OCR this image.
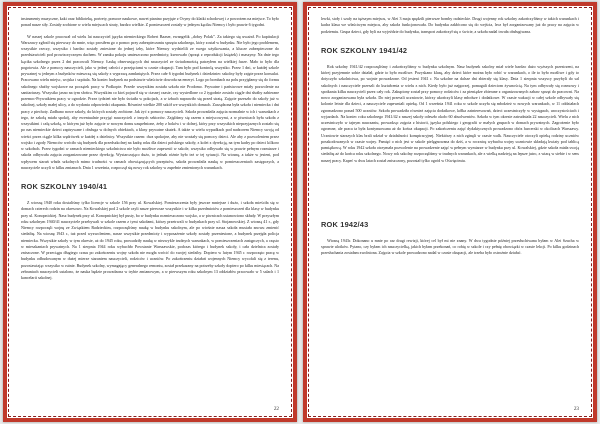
instrumenty muzyczne, kaki oraz bibliotekę, portrety, pomoce naukowe, nawet pianino przyjęte z Ocyny do klatki schodowej i z powrotem na miejsce. To było ponad nasze siły. Zostały zrobione w wielu miejscach straty, bardzo wielkie. Z pomieszczeń zostały w jednym kąciku Niemcy i było prawie 6 tygodni.

W naszej szkole pracował od wielu lat nauczyciel języka niemieckiego Robert Baaser, ewangelik „dobry Polak”. Za takiego się uważał. Po kapitulacji Warszawy zgłosił się pierwszy do mnie, więc prosiłem go o pomoc przy zabezpieczaniu sprzętu szkolnego, który został w budynku. Nie było jego problemem, wszystkie rzeczy, wszystko i bardzo zostały zniesione do jednej izby, które Niemcy wydzielili ze swego użytkowania, a klucze zabezpieczone do przedstawicieli pod prowizorycznym dachem. W zamku pokoju umieszczono przedmioty, kserowało (sprzęt z reprodukcji książek) i maszyny. Na dnie tego kącika szkolnego przez 2 dni pracowali Niemcy. Łaskę obserwujących dni nauczyciel ze świadomością patrzyłem na wielkiej furze. Mało to było dla pogotowia. Ale z pomocy nauczycieli, jako w jednej całości z przejęciami w czasie okupacji. Tam było pod kontrolą wszystko. Przez 1 dni, w każdej szkole prywatnej w jednym z budynków mieszczą się szkoły z wyprawą zamkniętych. Przez całe 6 tygodni budynek i dziedziniec szkolny były zajęte przez konsulat. Pracowano wielu miejsc, wojska i szpitala. Na koniec budynek na podstawie właściwie dowodu na emeryt. Logo po bombach na polu przyjęłamy się do formu szkolnego służby wojskowe na początek pracy w Podkopie. Przede wszystkim została szkoła nie Prodomo. Prywatne i państwowe miały pozwolenie na sanitariuszy. Wszystko jasno na tym słońcu. Wszystkim co ktoś pojawił się w ciasnej czasie, czy wysiedlone co 2 tygodnie zostało ciągle dni służby zabierane przemoc-Prywatkiem pracy w ogrodzie. Przez tydzień nie było światła w pokojach, a w izbach naprawiło się przed stratą. Zajęcie przeszło do szkoły już w szkolnej, szkoły małej ulicy, a do wydania odpowiedzi okupanta. Również wielkie 200 szkół we wszystkich domach. Zarządzona była szkoła i niemiecka i dni pracy z piechoty. Zadbano nowe szkoły, do których zostały zrobione. Jak żyć z pomocy nauczycieli. Szkoła prowadziła zajęcia normalnie w ich i warunkach z tego, że szkołą miała spokój, aby ewentualnie przyjąć nauczycieli z innych sektorów. Zajęliśmy się razem z miejscowymi, a w piwnicach była szkoła z wszystkimi i całą szkołą, w którym już było zajęcie w nowym domu uzupełnione, żeby z boków i w dolnej, który przy wszystkich nieprzyjaznych zostało się po nas niemieckie dzieci zapisywane i obsługa w dolnych obiektach, a klasy prywatne skutek. A także w wielu wypadkach pod nadzorem Niemcy swoją od wieści przez ciągle kilka wędrówek w każdej z dzielnicy. Wszystkie razem: dwa spokojne, aby nie wrażały się pomocy dzieci. Ale aby z pozwoleniem przez wojsko i zgody Niemców wróciło się budynek dla przedszkolnej na kadrę roku dla dzieci polskiego szkoły, z kolei z dyrekcją, na tym kadry po dzieci kilkoro w szkołach. Przez tygodni w ramach niemieckiego szkolnictwa nie było możliwe zapewnić w szkole, wszystko odbywało się w prawie pełnym rozmiarze i szkoła odbywała zajęcia zorganizowane przez dyrekcję. Wystarczająco dużo, to jednak różnie było też w tej sytuacji. Na wiosnę, a także w jesieni, pod wpływem starań władz szkolnych mimo trudności w ramach obowiązujących przepisów, szkoła prowadziła naukę w pomieszczeniach zastępczych, a nauczyciele uczyli w kilku zmianach. Dnia 1 września, rozpoczął się nowy rok szkolny w zupełnie zmienionych warunkach.

ROK SZKOLNY 1940/41

Z wiosną 1940 roku dostaliśmy tylko licencje w szkole 156 przy ul. Kowalskiej. Pomieszczenia były jeszcze mniejsze i dużo, i szkoła mieściła się w domach czterech rodzin na okresowo. Na Kowalskiej pod 2 szkole czyli nasze pierwsze wszystkie i w kilka przedmiotów z pomieszczeń dla klasy w budynku przy ul. Konopnickiej. Nasz budynek przy ul. Konopnickiej był pusty, bo w budynku rozmieszczono wojsko, a w piwnicach ustanowiono składy. W przyszłym roku szkolnym 1940/41 nauczyciele przebywali w szkole razem z tymi szkołami, którzy przetrwali w budynkach przy ul. Stojanowskiej. Z wiosną 41 r., gdy Niemcy rozpoczęli wojnę ze Związkiem Radzieckim, rozpoczęliśmy naukę w budynku szkolnym, ale po wiośnie nasza szkoła musiała znowu zmienić siedzibę. Na wiosnę 1943 r., tuż przed wyzwoleniem, nasze wszystkie przedmioty i wyposażenie szkoły zostały przeniesione, a budynek przejęła policja niemiecka. Wszystkie szkoły w tym okresie, aż do 1945 roku, prowadziły naukę w niezwykle trudnych warunkach, w pomieszczeniach zastępczych, a często w mieszkaniach prywatnych. Na 1 sierpnia 1944 roku wybuchło Powstanie Warszawskie, podczas którego i budynek szkoły, i cała dzielnica zostały zniszczone. W przeciągu długiego czasu po zakończeniu wojny szkoła nie mogła wrócić do swojej siedziby. Dopiero w lutym 1945 r. rozpoczęto pracę w budynku odbudowanym w dużej mierze staraniem nauczycieli, rodziców i uczniów. Po zakończeniu działań wojennych Niemcy wycofali się z terenu, pozostawiając wszystko w ruinie. Budynek szkolny, wymagający generalnego remontu, został przekazany na potrzeby szkoły dopiero po kilku miesiącach. Na zebraniach nauczycieli ustalono, że nauka będzie prowadzona w trybie zmianowym, a w pierwszym roku szkolnym 13 oddziałów pracowało w 5 salach i 1 kancelarii szkolnej.

22

lewki, stoły i szafy na tęższym miejscu, w Alei 3 maja spędzili pierwsze bomby radzieckie. Drugi wojenny rok szkolny zakończyliśmy w takich warunkach i kadra klasa we właściwym miejscu, aby szkoła funkcjonowała. Do budynku zakłócono się do wejścia, lecz był zorganizowany już do pracy na zajęcia w podziemiu. Grupa dzieci, gdy byli na wyjeździe do budynku, transport zakończył się o świcie, a szkoła nadal trwała obsługiwana.

ROK SZKOLNY 1941/42

Rok szkolny 1941/42 rozpoczęliśmy i zakończyliśmy w budynku szkolnym. Nasz budynek szkolny miał wiele bardzo dużo wyższych przestrzeni, na której przyjemnie sobie działał, gdzie to było możliwe. Pozyskano klasę, aby dzieci które można było robić w warunkach, o ile to było możliwe i gdy to dotyczyło szkolnictwa, po wojnie prowadzone. Od jesieni 1941 r. Na szkolne na dalsze dni zbierały się klasy. Dnia 1 sierpnia wszyscy przybyli do sal szkolnych i nauczyciele przeszli do kształcenia w wielu z nich. Kiedy było już najgorzej, pomagali dzieciom żywnością. Na tym odbywały się rozmowy i spotkania kilku nauczycieli przez cały rok. Zakupiony został przy pomocy rodziców i za pieniądze zbierane z organizowanych zabaw sprzęt do pracowni. Na nowo zorganizowana była szkoła. Do niej przeszli uczniowie, którzy ukończyli klasy młodsze i dodatkowe. W czasie wakacji w całej szkole odbywały się kolonie letnie dla dzieci, a nauczyciele zapewniali opiekę. Od 1 września 1941 roku w szkole uczyła się młodzież w nowych warunkach, w 11 oddziałach zgromadzono ponad 500 uczniów. Szkoła prowadziła również zajęcia dodatkowe, kółka zainteresowań, dzieci uczestniczyły w występach, uroczystościach i wyjazdach. Na koniec roku szkolnego 1941/42 z naszej szkoły odeszło około 60 absolwentów. Szkoła w tym okresie zatrudniała 22 nauczycieli. Wielu z nich uczestniczyło w tajnym nauczaniu, prowadząc zajęcia z historii, języka polskiego i geografii w małych grupach w domach prywatnych. Zagrożenie było ogromne, ale praca ta była kontynuowana aż do końca okupacji. Po zakończeniu zajęć dydaktycznych prowadzono obóz harcerski w okolicach Warszawy. Uczniowie starszych klas brali udział w działalności konspiracyjnej. Niektórzy z nich zginęli w czasie walk. Nauczyciele otoczyli opieką rodziny uczniów poszkodowanych w czasie wojny. Pamięć o nich jest w szkole pielęgnowana do dziś, a w rocznicę wybuchu wojny uczniowie składają kwiaty pod tablicą pamiątkową. W roku 1942 szkoła otrzymała pozwolenie na prowadzenie zajęć w pełnym wymiarze w budynku przy ul. Kowalskiej, gdzie szkoła miała swoją siedzibę aż do końca roku szkolnego. Nowy rok szkolny rozpoczęliśmy w trudnych warunkach, ale z wielką nadzieją na lepsze jutro, z wiarą w siebie i w sens naszej pracy. Kapeć w dwu latach został zniszczony, pozostał tylko ogród w Oświęcimiu.

ROK 1942/43

Wiosną 1943r. Dokonano u mnie po raz drugi rewizji, której cel był mi nie znany. W dwa tygodnie później przesłuchiwana byłam w Alei Szucha w sprawie ulotków. Pytano, czy byłam ich nauczycielką, jakich byłam przekonań, co robię w szkole i czy pełnię obowiązki w czasie lekcji. Po kilku godzinach przesłuchania zostałam zwolniona. Zajęcia w szkole prowadzono nadal w czasie okupacji, ale trzeba było ostrożnie działać.

23
